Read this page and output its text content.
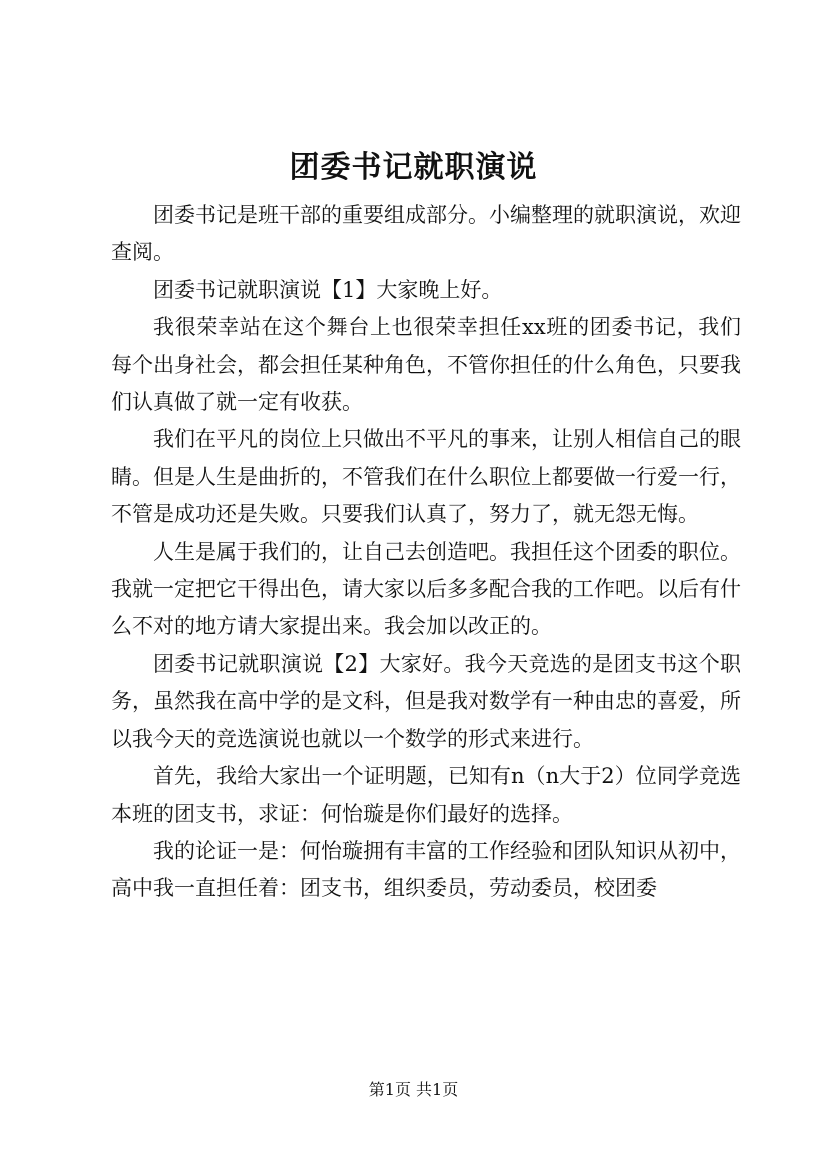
团委书记就职演说

团委书记是班干部的重要组成部分。小编整理的就职演说，欢迎查阅。

团委书记就职演说【1】大家晚上好。

我很荣幸站在这个舞台上也很荣幸担任xx班的团委书记，我们每个出身社会，都会担任某种角色，不管你担任的什么角色，只要我们认真做了就一定有收获。

我们在平凡的岗位上只做出不平凡的事来，让别人相信自己的眼睛。但是人生是曲折的，不管我们在什么职位上都要做一行爱一行，不管是成功还是失败。只要我们认真了，努力了，就无怨无悔。

人生是属于我们的，让自己去创造吧。我担任这个团委的职位。我就一定把它干得出色，请大家以后多多配合我的工作吧。以后有什么不对的地方请大家提出来。我会加以改正的。

团委书记就职演说【2】大家好。我今天竞选的是团支书这个职务，虽然我在高中学的是文科，但是我对数学有一种由忠的喜爱，所以我今天的竞选演说也就以一个数学的形式来进行。

首先，我给大家出一个证明题，已知有n（n大于2）位同学竞选本班的团支书，求证：何怡璇是你们最好的选择。

我的论证一是：何怡璇拥有丰富的工作经验和团队知识从初中，高中我一直担任着：团支书，组织委员，劳动委员，校团委

第1页 共1页
